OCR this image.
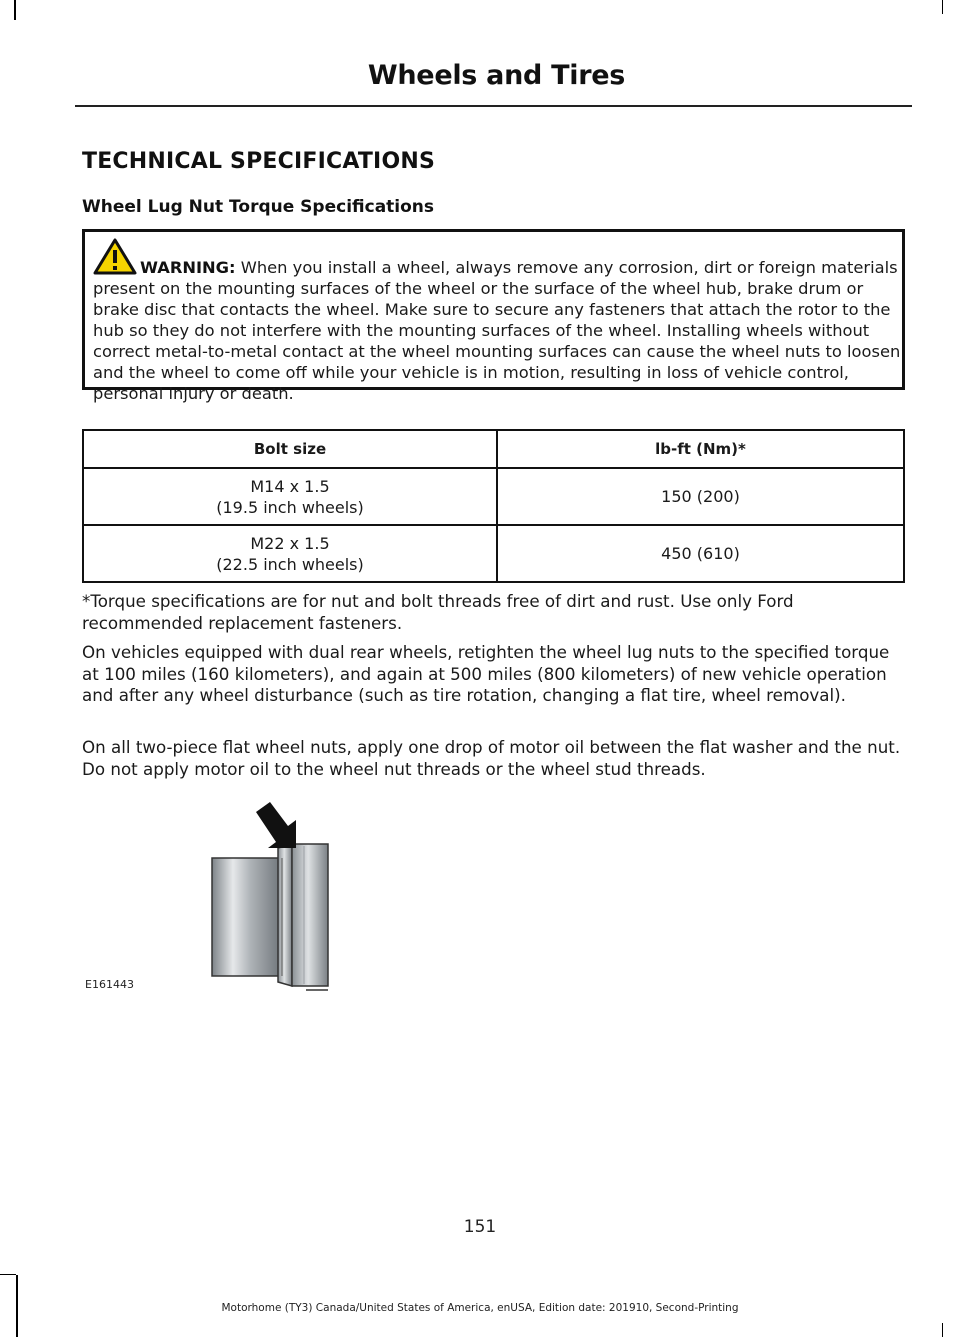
Wheels and Tires
TECHNICAL SPECIFICATIONS
Wheel Lug Nut Torque Specifications
WARNING: When you install a wheel, always remove any corrosion, dirt or foreign materials present on the mounting surfaces of the wheel or the surface of the wheel hub, brake drum or brake disc that contacts the wheel. Make sure to secure any fasteners that attach the rotor to the hub so they do not interfere with the mounting surfaces of the wheel. Installing wheels without correct metal-to-metal contact at the wheel mounting surfaces can cause the wheel nuts to loosen and the wheel to come off while your vehicle is in motion, resulting in loss of vehicle control, personal injury or death.
Bolt size	lb-ft (Nm)*
M14 x 1.5
(19.5 inch wheels)	150 (200)
M22 x 1.5
(22.5 inch wheels)	450 (610)
*Torque specifications are for nut and bolt threads free of dirt and rust. Use only Ford recommended replacement fasteners.
On vehicles equipped with dual rear wheels, retighten the wheel lug nuts to the specified torque at 100 miles (160 kilometers), and again at 500 miles (800 kilometers) of new vehicle operation and after any wheel disturbance (such as tire rotation, changing a flat tire, wheel removal).
On all two-piece flat wheel nuts, apply one drop of motor oil between the flat washer and the nut. Do not apply motor oil to the wheel nut threads or the wheel stud threads.
E161443
151
Motorhome (TY3) Canada/United States of America, enUSA, Edition date: 201910, Second-Printing
